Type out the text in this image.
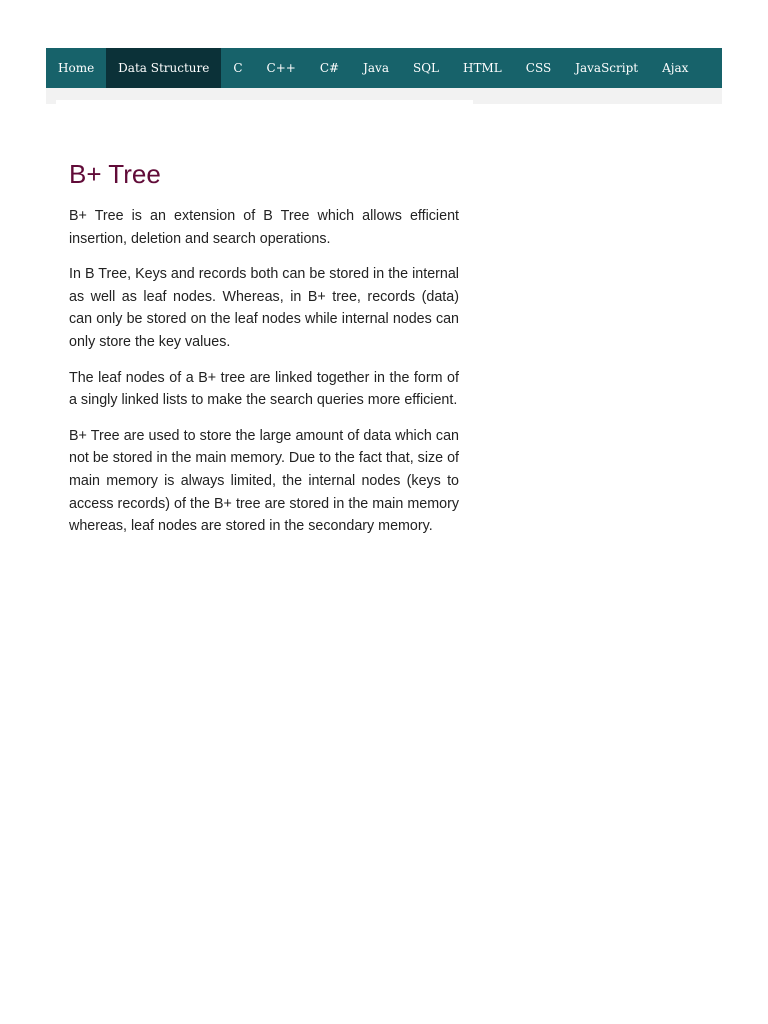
Home	Data Structure	C	C++	C#	Java	SQL	HTML	CSS	JavaScript	Ajax
B+ Tree

B+ Tree is an extension of B Tree which allows efficient insertion, deletion and search operations.

In B Tree, Keys and records both can be stored in the internal as well as leaf nodes. Whereas, in B+ tree, records (data) can only be stored on the leaf nodes while internal nodes can only store the key values.

The leaf nodes of a B+ tree are linked together in the form of a singly linked lists to make the search queries more efficient.

B+ Tree are used to store the large amount of data which can not be stored in the main memory. Due to the fact that, size of main memory is always limited, the internal nodes (keys to access records) of the B+ tree are stored in the main memory whereas, leaf nodes are stored in the secondary memory.
